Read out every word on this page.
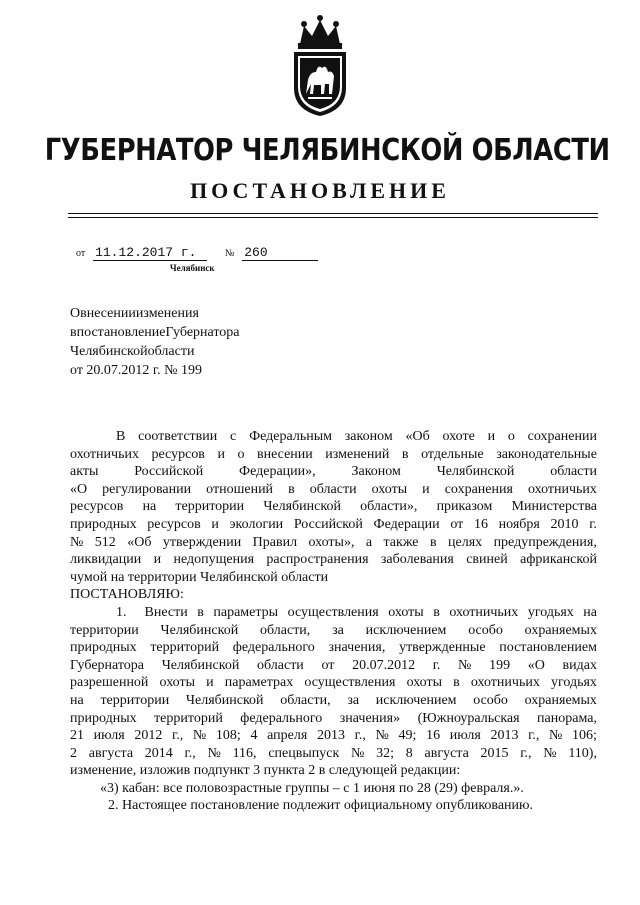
ГУБЕРНАТОР ЧЕЛЯБИНСКОЙ ОБЛАСТИ
ПОСТАНОВЛЕНИЕ
от 11.12.2017 г.	№ 260
Челябинск
О внесении изменения
в постановление Губернатора
Челябинской области
от 20.07.2012 г. № 199
В соответствии с Федеральным законом «Об охоте и о сохранении
охотничьих ресурсов и о внесении изменений в отдельные законодательные
акты	Российской	Федерации»,	Законом	Челябинской	области
«О регулировании отношений в области охоты и сохранения охотничьих
ресурсов на территории Челябинской области», приказом Министерства
природных ресурсов и экологии Российской Федерации от 16 ноября 2010 г.
№ 512 «Об утверждении Правил охоты», а также в целях предупреждения,
ликвидации и недопущения распространения заболевания свиней африканской
чумой на территории Челябинской области
ПОСТАНОВЛЯЮ:
1. Внести в параметры осуществления охоты в охотничьих угодьях на
территории Челябинской области, за исключением особо охраняемых
природных территорий федерального значения, утвержденные постановлением
Губернатора Челябинской области от 20.07.2012 г. № 199 «О видах
разрешенной охоты и параметрах осуществления охоты в охотничьих угодьях
на территории Челябинской области, за исключением особо охраняемых
природных территорий федерального значения» (Южноуральская панорама,
21 июля 2012 г., № 108; 4 апреля 2013 г., № 49; 16 июля 2013 г., № 106;
2 августа 2014 г., № 116, спецвыпуск № 32; 8 августа 2015 г., № 110),
изменение, изложив подпункт 3 пункта 2 в следующей редакции:
«3) кабан: все половозрастные группы – с 1 июня по 28 (29) февраля.».
2. Настоящее постановление подлежит официальному опубликованию.
